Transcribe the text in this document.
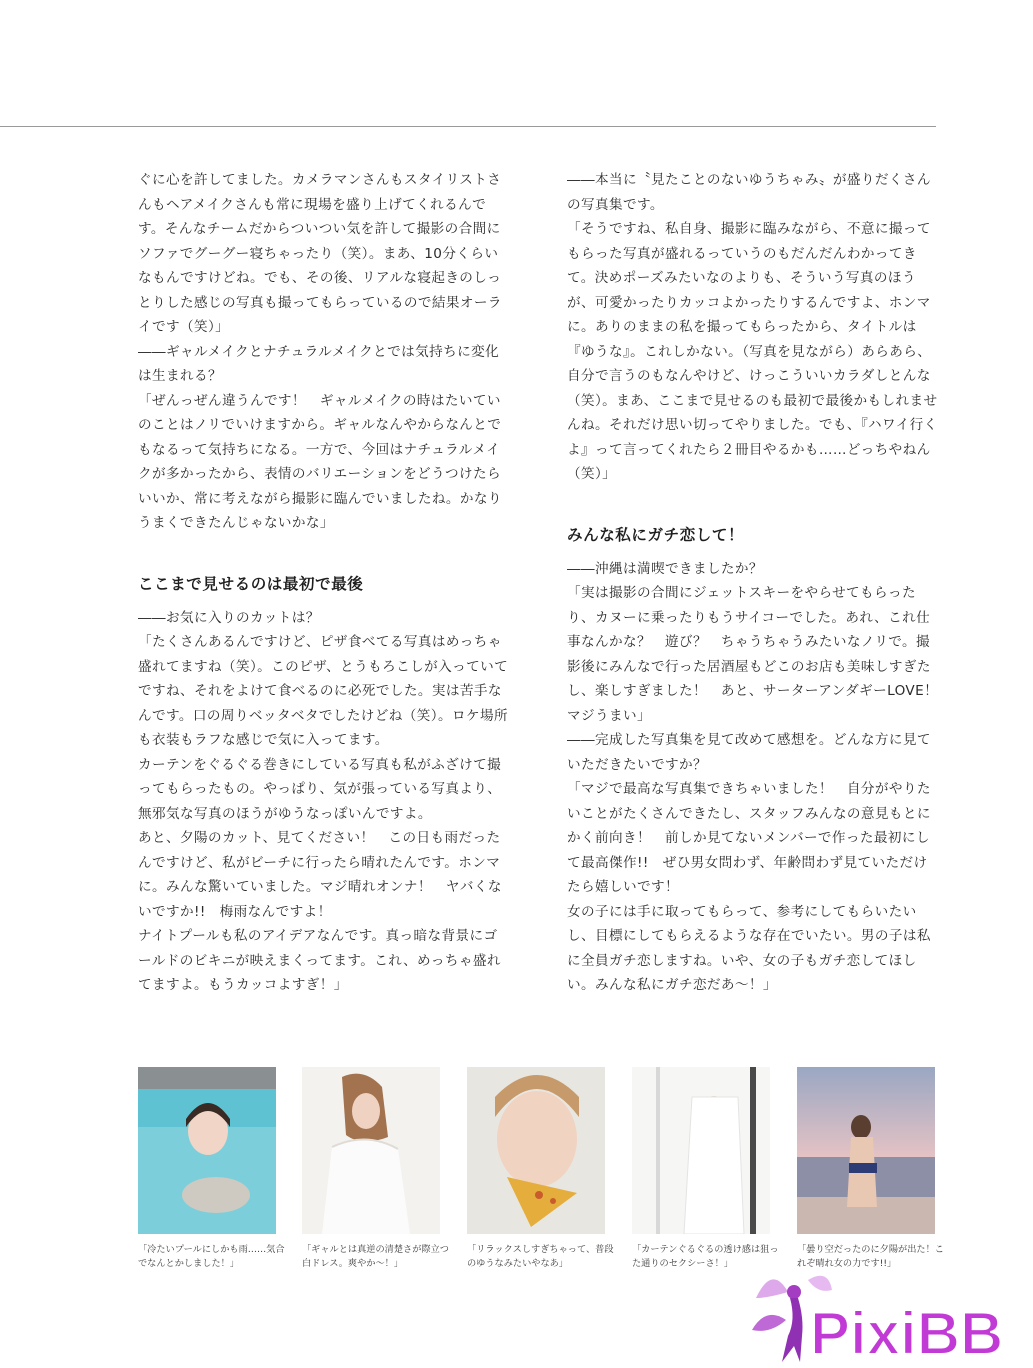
ぐに心を許してました。カメラマンさんもスタイリストさんもヘアメイクさんも常に現場を盛り上げてくれるんです。そんなチームだからついつい気を許して撮影の合間にソファでグーグー寝ちゃったり（笑）。まあ、10分くらいなもんですけどね。でも、その後、リアルな寝起きのしっとりした感じの写真も撮ってもらっているので結果オーライです（笑）」

――ギャルメイクとナチュラルメイクとでは気持ちに変化は生まれる？

「ぜんっぜん違うんです！　ギャルメイクの時はたいていのことはノリでいけますから。ギャルなんやからなんとでもなるって気持ちになる。一方で、今回はナチュラルメイクが多かったから、表情のバリエーションをどうつけたらいいか、常に考えながら撮影に臨んでいましたね。かなりうまくできたんじゃないかな」

ここまで見せるのは最初で最後

――お気に入りのカットは？

「たくさんあるんですけど、ピザ食べてる写真はめっちゃ盛れてますね（笑）。このピザ、とうもろこしが入っていてですね、それをよけて食べるのに必死でした。実は苦手なんです。口の周りベッタベタでしたけどね（笑）。ロケ場所も衣装もラフな感じで気に入ってます。

カーテンをぐるぐる巻きにしている写真も私がふざけて撮ってもらったもの。やっぱり、気が張っている写真より、無邪気な写真のほうがゆうなっぽいんですよ。

あと、夕陽のカット、見てください！　この日も雨だったんですけど、私がビーチに行ったら晴れたんです。ホンマに。みんな驚いていました。マジ晴れオンナ！　ヤバくないですか!!　梅雨なんですよ！

ナイトプールも私のアイデアなんです。真っ暗な背景にゴールドのビキニが映えまくってます。これ、めっちゃ盛れてますよ。もうカッコよすぎ！」

――本当に〝見たことのないゆうちゃみ〟が盛りだくさんの写真集です。

「そうですね、私自身、撮影に臨みながら、不意に撮ってもらった写真が盛れるっていうのもだんだんわかってきて。決めポーズみたいなのよりも、そういう写真のほうが、可愛かったりカッコよかったりするんですよ、ホンマに。ありのままの私を撮ってもらったから、タイトルは『ゆうな』。これしかない。（写真を見ながら）あらあら、自分で言うのもなんやけど、けっこういいカラダしとんな（笑）。まあ、ここまで見せるのも最初で最後かもしれませんね。それだけ思い切ってやりました。でも、『ハワイ行くよ』って言ってくれたら２冊目やるかも……どっちやねん（笑）」

みんな私にガチ恋して！

――沖縄は満喫できましたか？

「実は撮影の合間にジェットスキーをやらせてもらったり、カヌーに乗ったりもうサイコーでした。あれ、これ仕事なんかな？　遊び？　ちゃうちゃうみたいなノリで。撮影後にみんなで行った居酒屋もどこのお店も美味しすぎたし、楽しすぎました！　あと、サーターアンダギーLOVE！　マジうまい」

――完成した写真集を見て改めて感想を。どんな方に見ていただきたいですか？

「マジで最高な写真集できちゃいました！　自分がやりたいことがたくさんできたし、スタッフみんなの意見もとにかく前向き！　前しか見てないメンバーで作った最初にして最高傑作!!　ぜひ男女問わず、年齢問わず見ていただけたら嬉しいです！

女の子には手に取ってもらって、参考にしてもらいたいし、目標にしてもらえるような存在でいたい。男の子は私に全員ガチ恋しますね。いや、女の子もガチ恋してほしい。みんな私にガチ恋だあ〜！」

「冷たいプールにしかも雨……気合でなんとかしました！」
「ギャルとは真逆の清楚さが際立つ白ドレス。爽やか〜！」
「リラックスしすぎちゃって、普段のゆうなみたいやなあ」
「カーテンぐるぐるの透け感は狙った通りのセクシーさ！」
「曇り空だったのに夕陽が出た！これぞ晴れ女の力です!!」
PixiBB
